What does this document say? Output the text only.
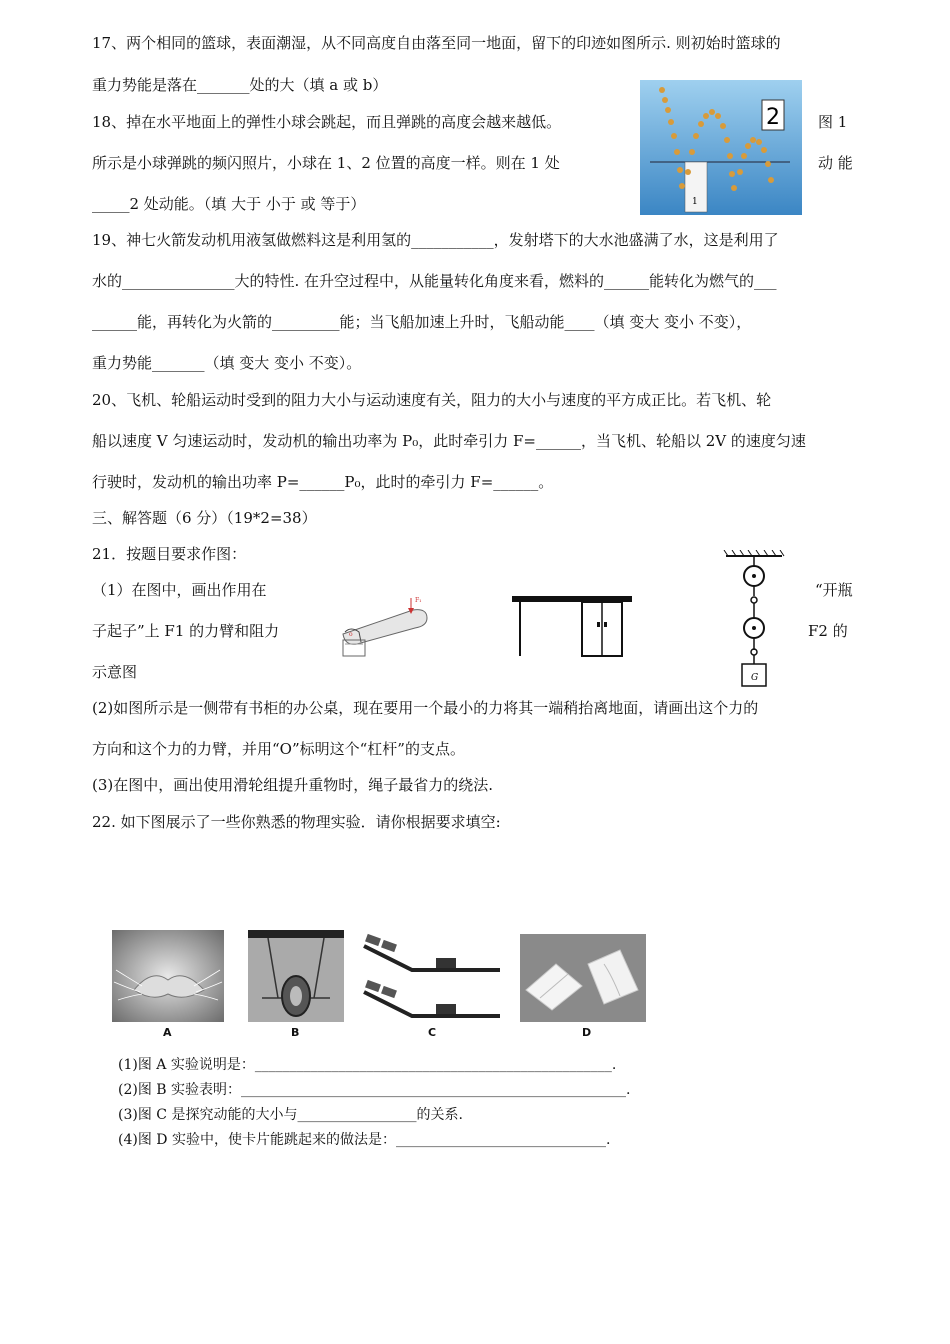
17、两个相同的篮球，表面潮湿，从不同高度自由落至同一地面，留下的印迹如图所示. 则初始时篮球的
重力势能是落在_______处的大（填 a 或 b）
18、掉在水平地面上的弹性小球会跳起，而且弹跳的高度会越来越低。	图 1
所示是小球弹跳的频闪照片，小球在 1、2 位置的高度一样。则在 1 处	动 能
_____2 处动能。（填 大于 小于 或 等于）	1
2
19、神七火箭发动机用液氢做燃料这是利用氢的___________，发射塔下的大水池盛满了水，这是利用了
水的_______________大的特性. 在升空过程中，从能量转化角度来看，燃料的______能转化为燃气的___
______能，再转化为火箭的_________能；当飞船加速上升时，飞船动能____（填 变大 变小 不变），
重力势能_______（填 变大 变小 不变）。
20、飞机、轮船运动时受到的阻力大小与运动速度有关，阻力的大小与速度的平方成正比。若飞机、轮
船以速度 V 匀速运动时，发动机的输出功率为 P₀，此时牵引力 F=______，当飞机、轮船以 2V 的速度匀速
行驶时，发动机的输出功率 P=______P₀，此时的牵引力 F=______。
三、解答题（6 分）（19*2=38）
21．按题目要求作图：
（1）在图中，画出作用在	“开瓶
子起子”上 F1 的力臂和阻力	F2 的
示意图
F₁
o
G
(2)如图所示是一侧带有书柜的办公桌，现在要用一个最小的力将其一端稍抬离地面，请画出这个力的
方向和这个力的力臂，并用“O”标明这个“杠杆”的支点。
(3)在图中，画出使用滑轮组提升重物时，绳子最省力的绕法.
22. 如下图展示了一些你熟悉的物理实验．请你根据要求填空:
A	B	C	D
(1)图 A 实验说明是：___________________________________________________.
(2)图 B 实验表明：_______________________________________________________.
(3)图 C 是探究动能的大小与_________________的关系.
(4)图 D 实验中，使卡片能跳起来的做法是：______________________________.
